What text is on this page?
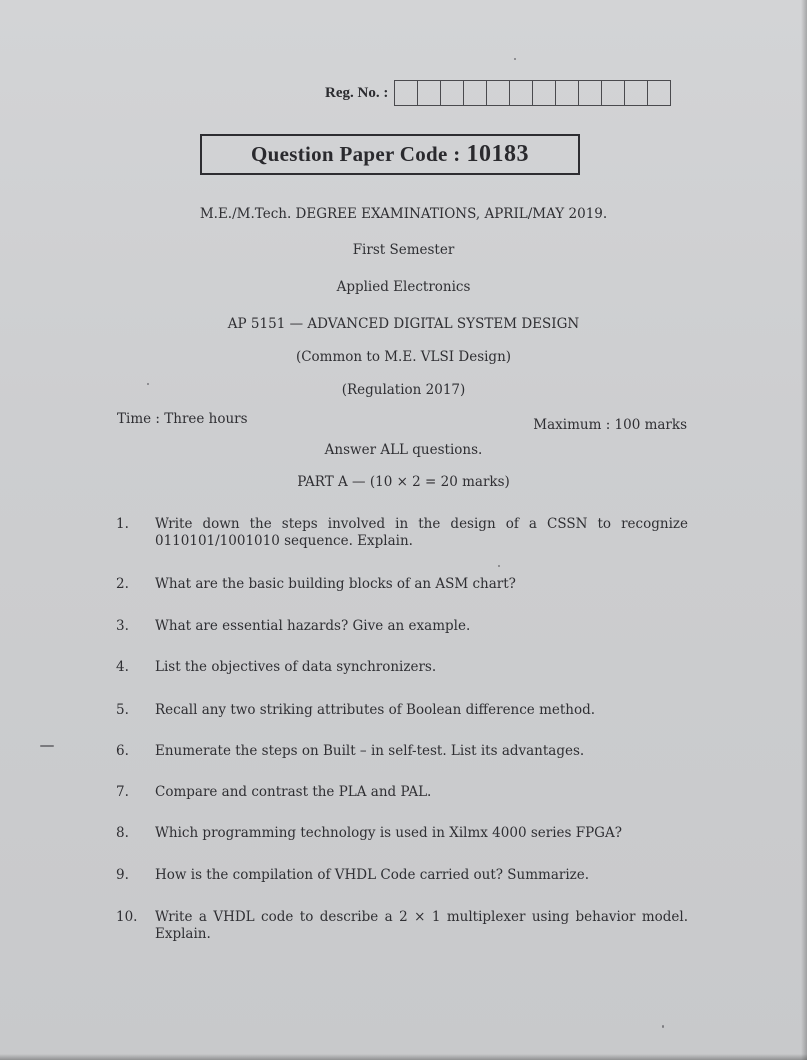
Reg. No. :
Question Paper Code : 10183
M.E./M.Tech. DEGREE EXAMINATIONS, APRIL/MAY 2019.
First Semester
Applied Electronics
AP 5151 — ADVANCED DIGITAL SYSTEM DESIGN
(Common to M.E. VLSI Design)
(Regulation 2017)
Time : Three hours	Maximum : 100 marks
Answer ALL questions.
PART A — (10 × 2 = 20 marks)
1.	Write down the steps involved in the design of a CSSN to recognize 0110101/1001010 sequence. Explain.
2.	What are the basic building blocks of an ASM chart?
3.	What are essential hazards? Give an example.
4.	List the objectives of data synchronizers.
5.	Recall any two striking attributes of Boolean difference method.
6.	Enumerate the steps on Built – in self-test. List its advantages.
7.	Compare and contrast the PLA and PAL.
8.	Which programming technology is used in Xilmx 4000 series FPGA?
9.	How is the compilation of VHDL Code carried out? Summarize.
10.	Write a VHDL code to describe a 2 × 1 multiplexer using behavior model. Explain.
